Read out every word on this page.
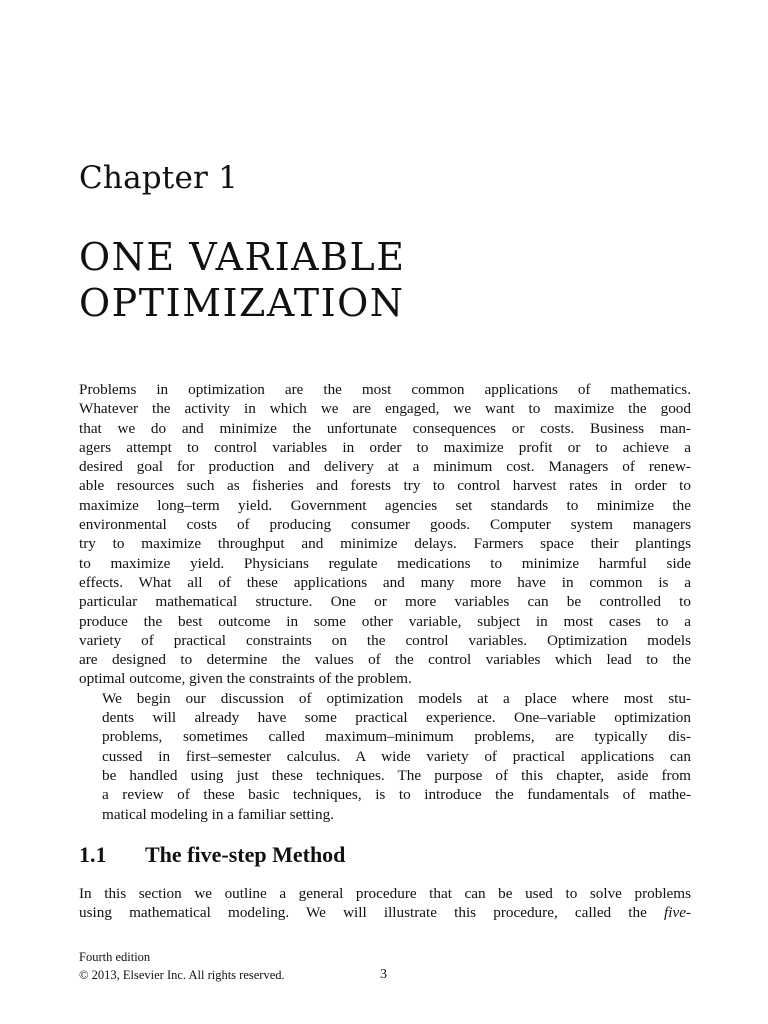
Chapter 1
ONE VARIABLE
OPTIMIZATION

Problems in optimization are the most common applications of mathematics.
Whatever the activity in which we are engaged, we want to maximize the good
that we do and minimize the unfortunate consequences or costs. Business man-
agers attempt to control variables in order to maximize profit or to achieve a
desired goal for production and delivery at a minimum cost. Managers of renew-
able resources such as fisheries and forests try to control harvest rates in order to
maximize long–term yield. Government agencies set standards to minimize the
environmental costs of producing consumer goods. Computer system managers
try to maximize throughput and minimize delays. Farmers space their plantings
to maximize yield. Physicians regulate medications to minimize harmful side
effects. What all of these applications and many more have in common is a
particular mathematical structure. One or more variables can be controlled to
produce the best outcome in some other variable, subject in most cases to a
variety of practical constraints on the control variables. Optimization models
are designed to determine the values of the control variables which lead to the
optimal outcome, given the constraints of the problem.

We begin our discussion of optimization models at a place where most stu-
dents will already have some practical experience. One–variable optimization
problems, sometimes called maximum–minimum problems, are typically dis-
cussed in first–semester calculus. A wide variety of practical applications can
be handled using just these techniques. The purpose of this chapter, aside from
a review of these basic techniques, is to introduce the fundamentals of mathe-
matical modeling in a familiar setting.

1.1 The five-step Method
In this section we outline a general procedure that can be used to solve problems
using mathematical modeling. We will illustrate this procedure, called the five-
Fourth edition
© 2013, Elsevier Inc. All rights reserved.	3
